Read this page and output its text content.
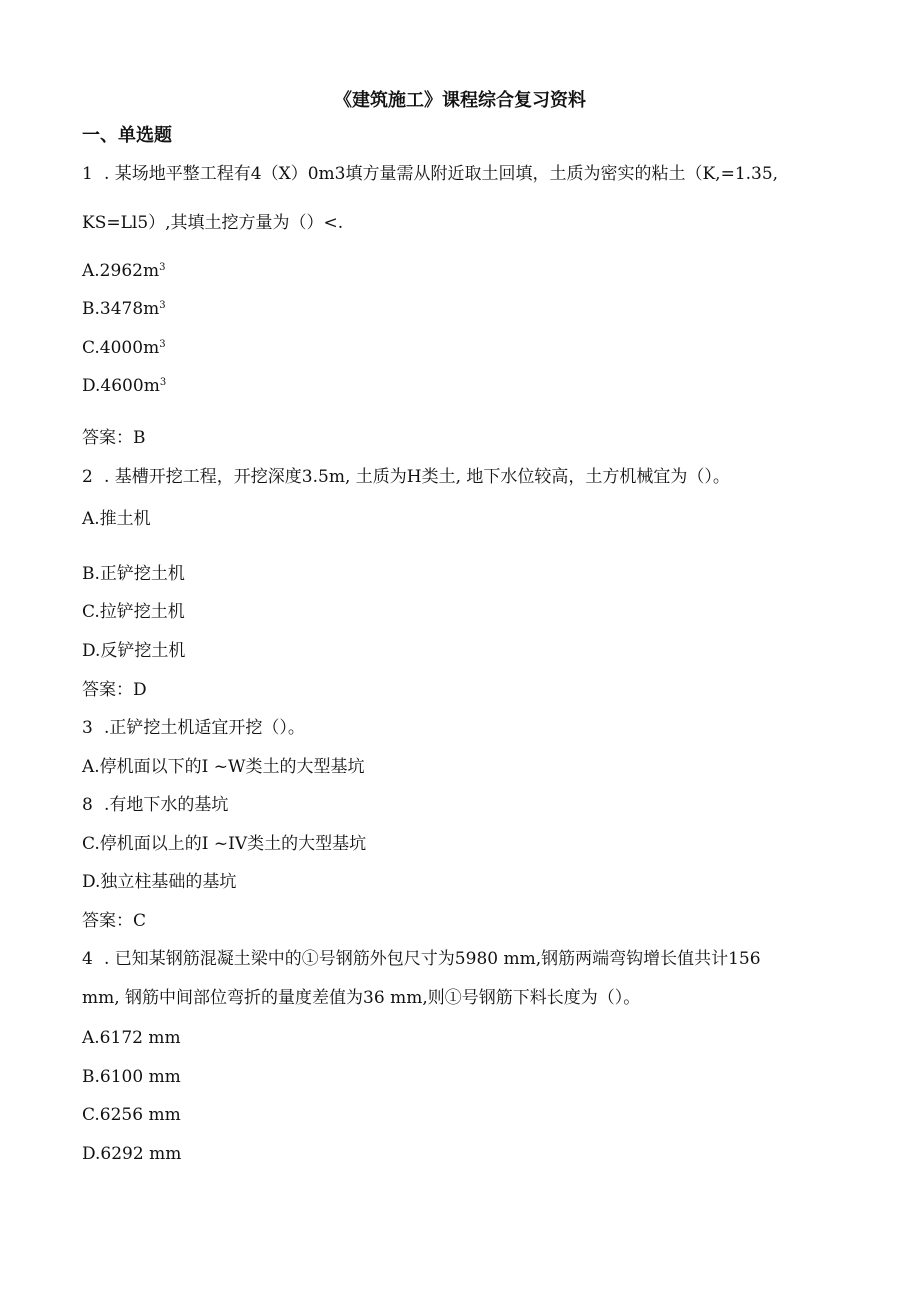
《建筑施工》课程综合复习资料
一、单选题
1 . 某场地平整工程有4（X）0m3填方量需从附近取土回填，土质为密实的粘土（K,=1.35,
KS=Ll5）,其填土挖方量为（）<.
$A.2962m^3$
$B.3478m^3$
$C.4000m^3$
$D.4600m^3$
答案：B
2 . 基槽开挖工程，开挖深度3.5m, 土质为H类土, 地下水位较高，土方机械宜为（）。
A.推土机
B.正铲挖土机
C.拉铲挖土机
D.反铲挖土机
答案：D
3 .正铲挖土机适宜开挖（）。
A.停机面以下的I ~W类土的大型基坑
8 .有地下水的基坑
C.停机面以上的I ~IV类土的大型基坑
D.独立柱基础的基坑
答案：C
4 . 已知某钢筋混凝土梁中的①号钢筋外包尺寸为5980 mm,钢筋两端弯钩增长值共计156
mm, 钢筋中间部位弯折的量度差值为36 mm,则①号钢筋下料长度为（）。
A.6172 mm
B.6100 mm
C.6256 mm
D.6292 mm
